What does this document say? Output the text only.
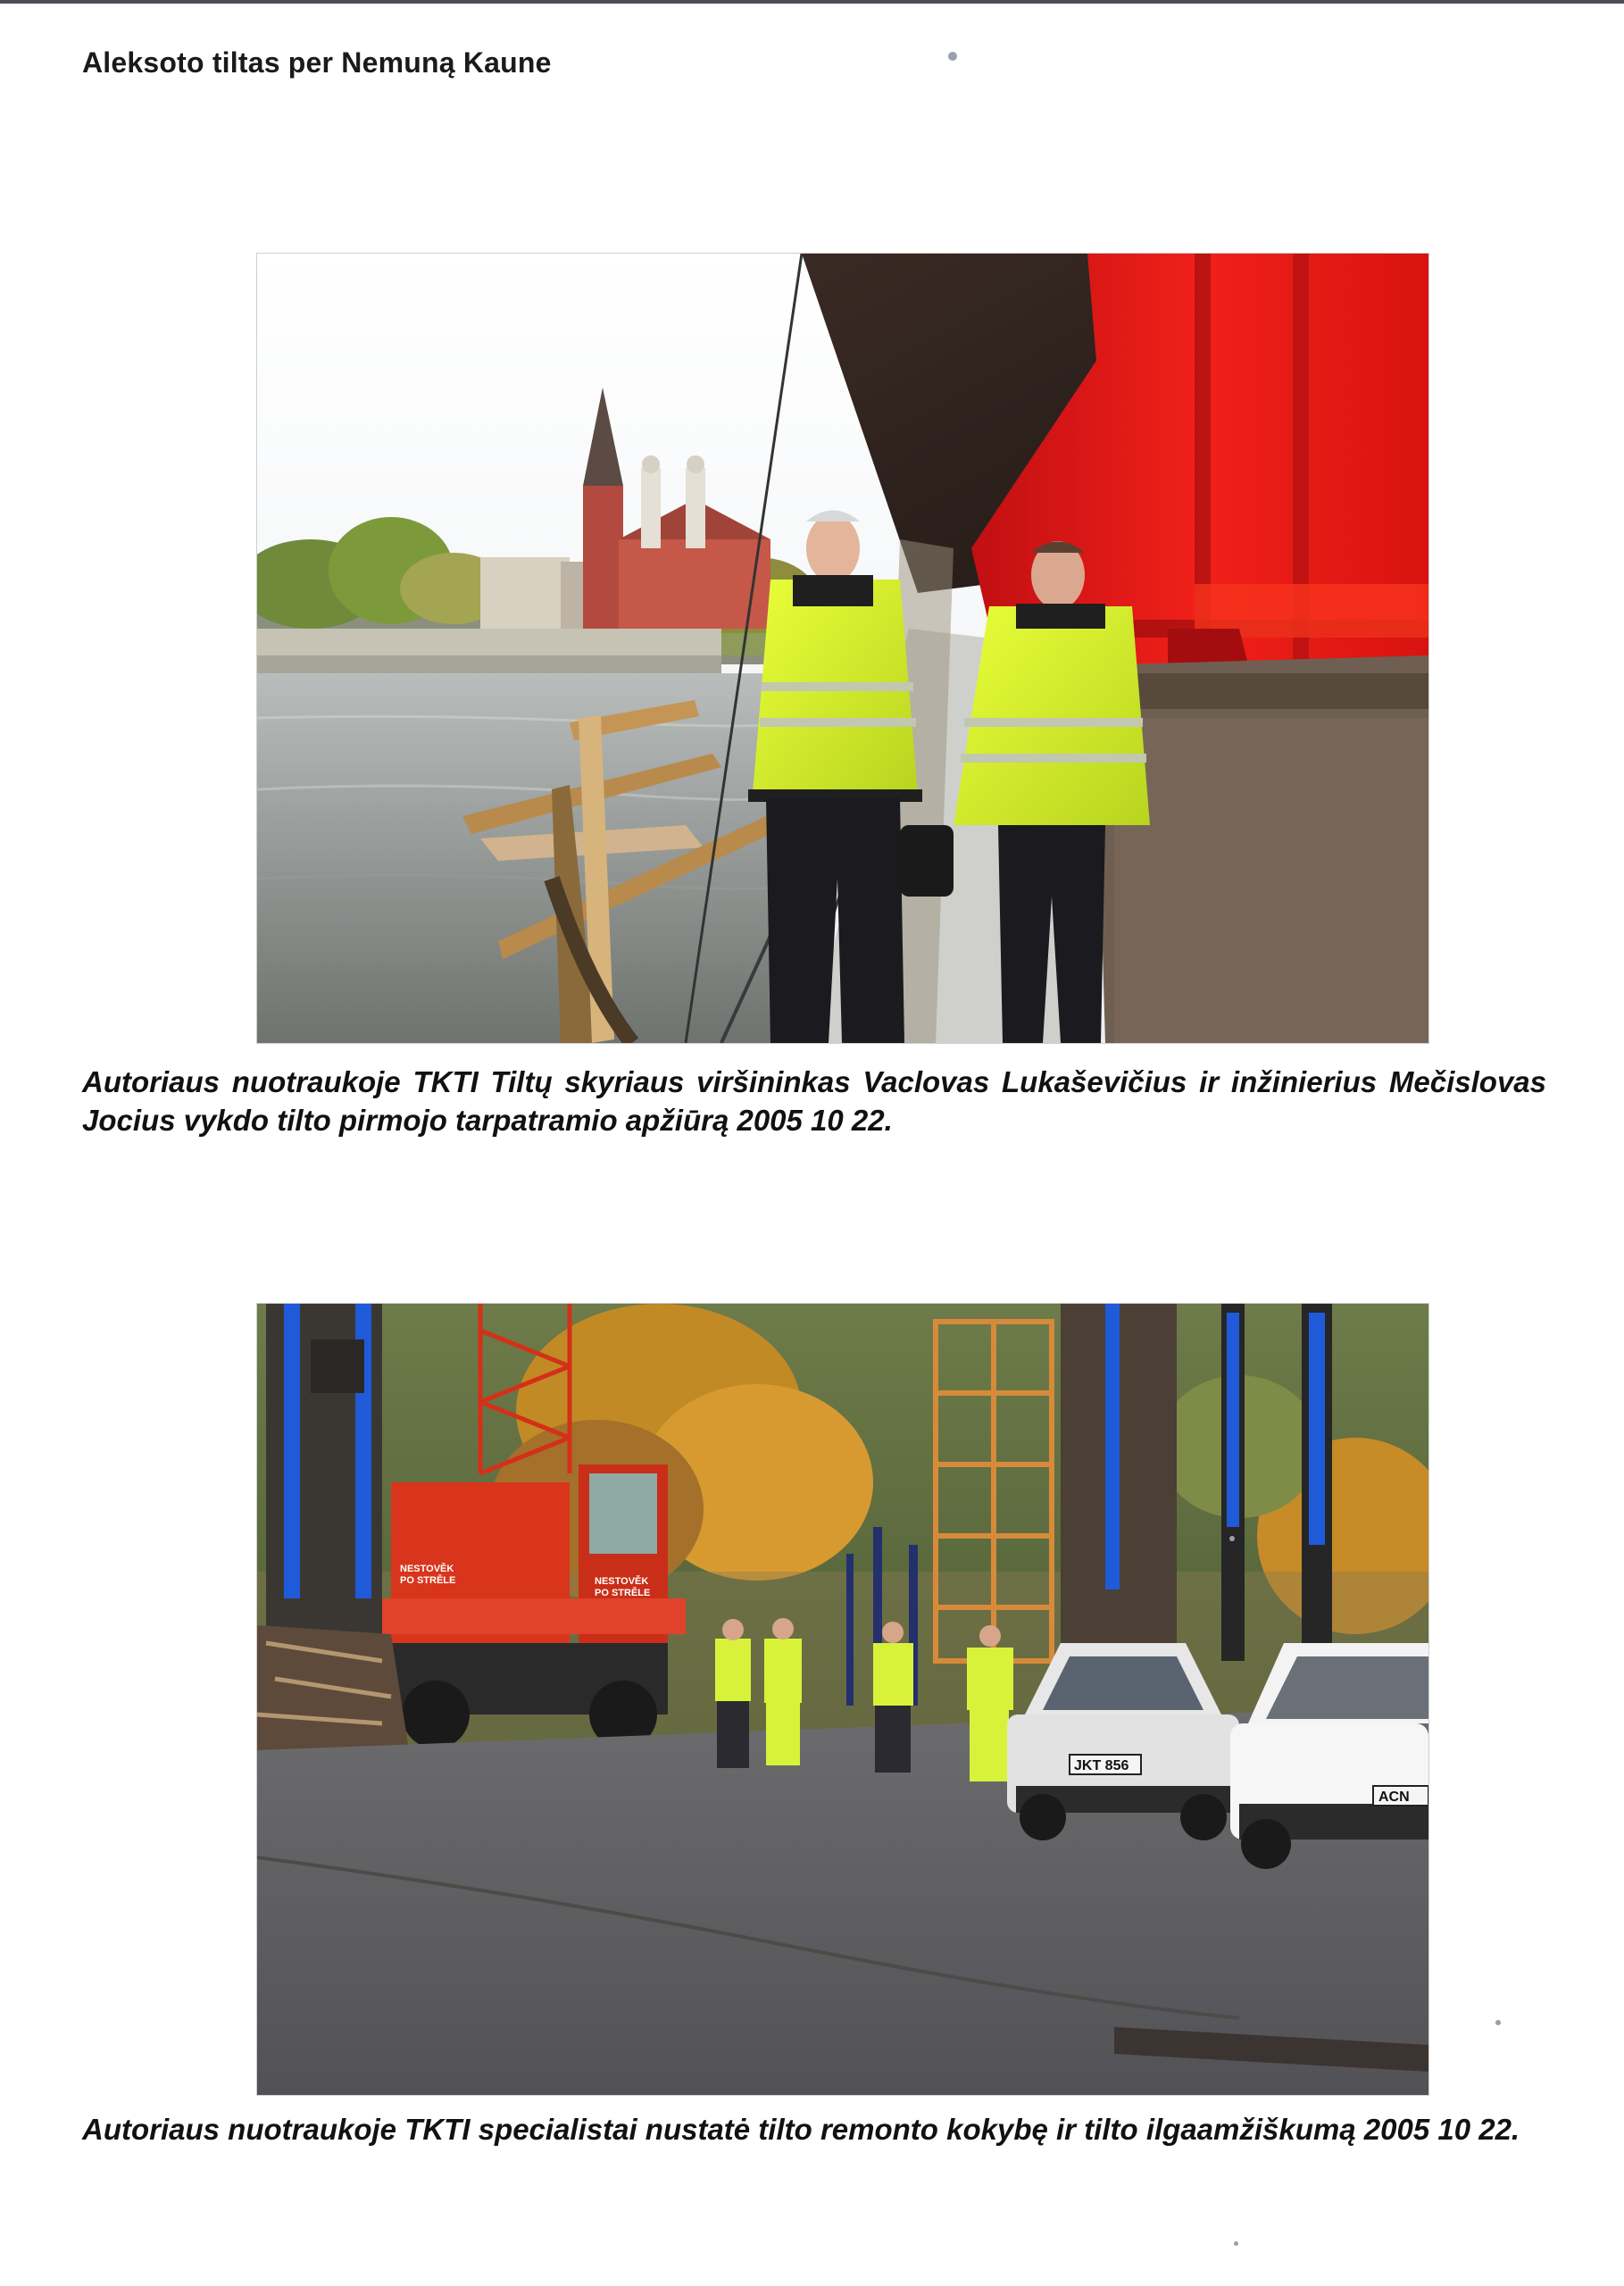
Aleksoto tiltas per Nemuną Kaune
Autoriaus nuotraukoje TKTI Tiltų skyriaus viršininkas Vaclovas Lukaševičius ir inžinierius Mečislovas Jocius vykdo tilto pirmojo tarpatramio apžiūrą 2005 10 22.
NESTOVĚK
PO STRĚLE	NESTOVĚK
PO STRĚLE
JKT 856
ACN
Autoriaus nuotraukoje TKTI specialistai nustatė tilto remonto kokybę ir tilto ilgaamžiškumą 2005 10 22.
